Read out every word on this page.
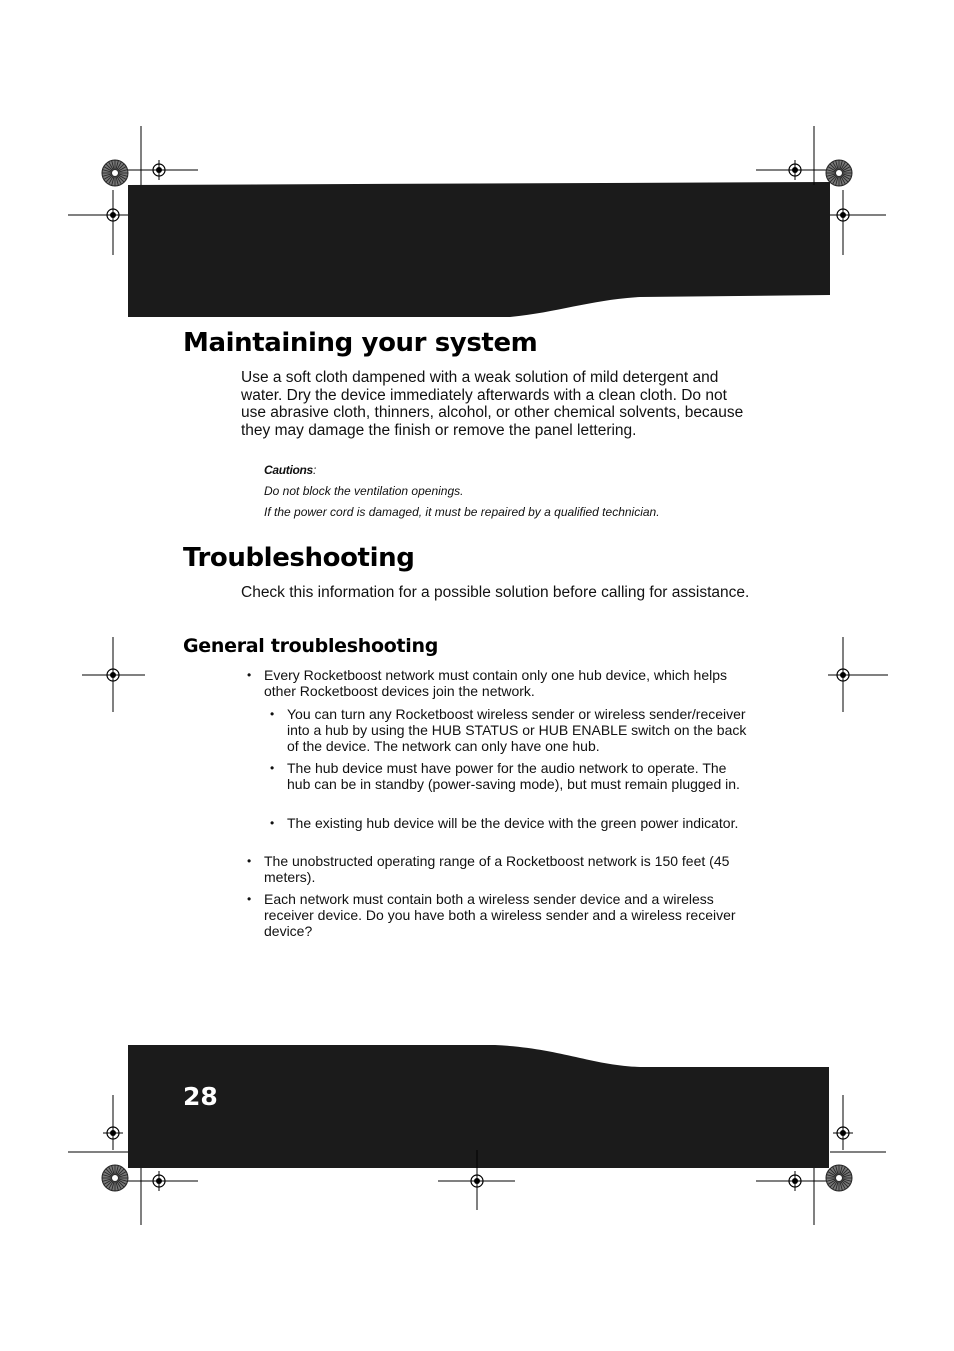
Maintaining your system

Use a soft cloth dampened with a weak solution of mild detergent and water. Dry the device immediately afterwards with a clean cloth. Do not use abrasive cloth, thinners, alcohol, or other chemical solvents, because they may damage the finish or remove the panel lettering.

Cautions:

Do not block the ventilation openings.

If the power cord is damaged, it must be repaired by a qualified technician.

Troubleshooting

Check this information for a possible solution before calling for assistance.

General troubleshooting
• Every Rocketboost network must contain only one hub device, which helps other Rocketboost devices join the network.
• You can turn any Rocketboost wireless sender or wireless sender/receiver into a hub by using the HUB STATUS or HUB ENABLE switch on the back of the device. The network can only have one hub.
• The hub device must have power for the audio network to operate. The hub can be in standby (power-saving mode), but must remain plugged in.
• The existing hub device will be the device with the green power indicator.
• The unobstructed operating range of a Rocketboost network is 150 feet (45 meters).
• Each network must contain both a wireless sender device and a wireless receiver device. Do you have both a wireless sender and a wireless receiver device?
28
